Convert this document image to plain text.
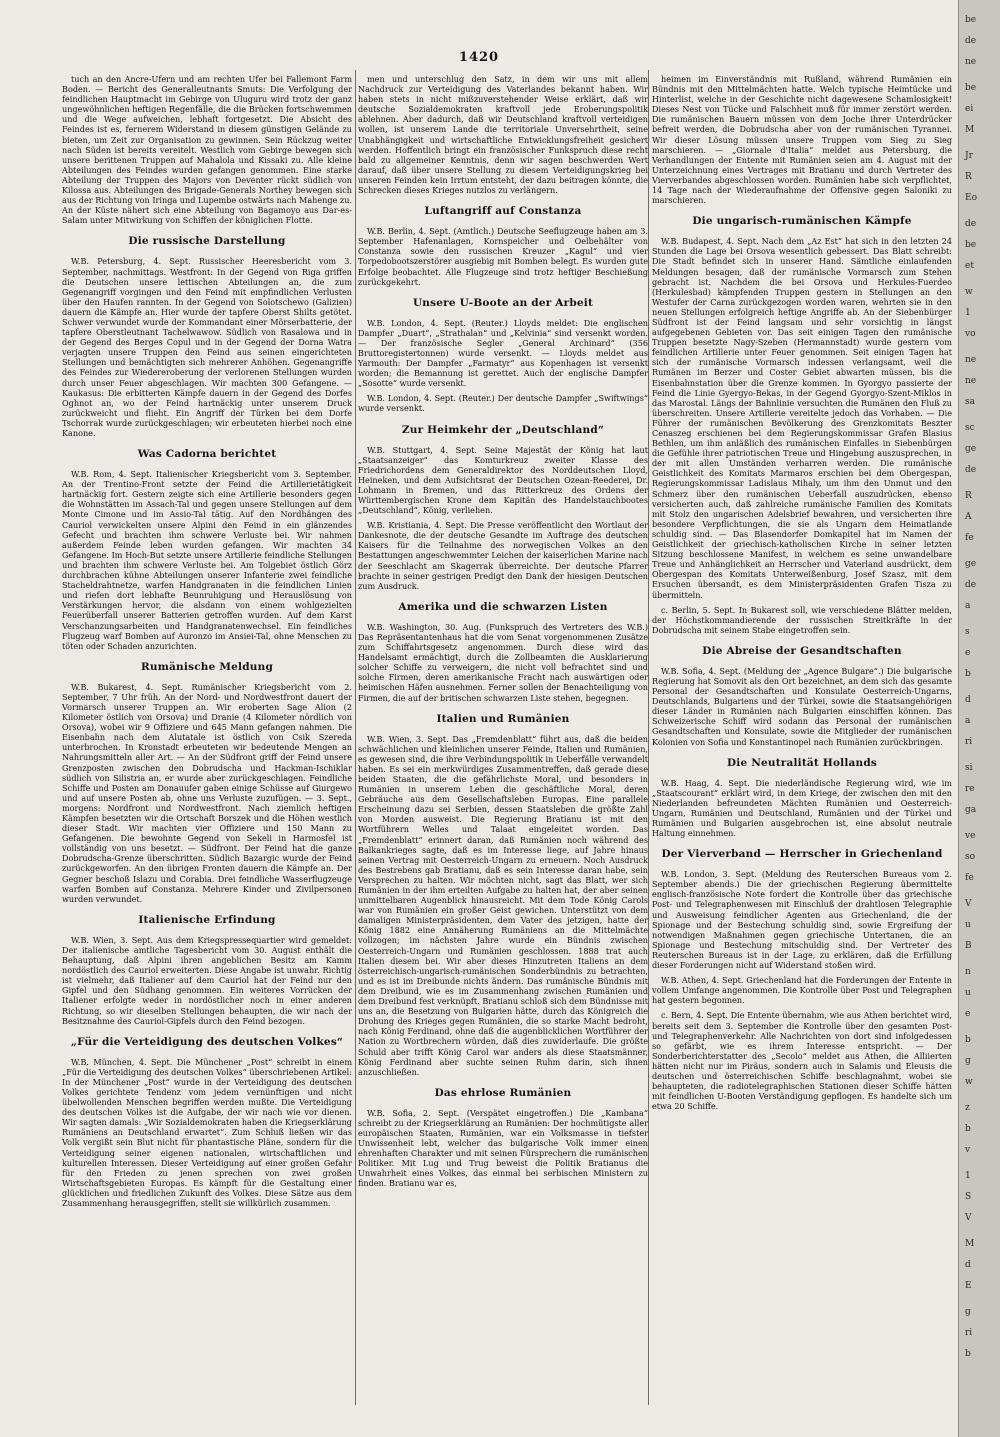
1420

tuch an den Ancre-Ufern und am rechten Ufer bei Fallemont Farm Boden. — Bericht des Generalleutnants Smuts: Die Verfolgung der feindlichen Hauptmacht im Gebirge von Uluguru wird trotz der ganz ungewöhnlichen heftigen Regenfälle, die die Brücken fortschwemmen und die Wege aufweichen, lebhaft fortgesetzt. Die Absicht des Feindes ist es, fernerem Widerstand in diesem günstigen Gelände zu bieten, um Zeit zur Organisation zu gewinnen. Sein Rückzug weiter nach Süden ist bereits vereitelt. Westlich vom Gebirge bewegen sich unsere berittenen Truppen auf Mahalola und Kissaki zu. Alle kleine Abteilungen des Feindes wurden gefangen genommen. Eine starke Abteilung der Truppen des Majors von Deventer rückt südlich von Kilossa aus. Abteilungen des Brigade-Generals Northey bewegen sich aus der Richtung von Iringa und Lupembe ostwärts nach Mahenge zu. An der Küste nähert sich eine Abteilung von Bagamoyo aus Dar-es-Salam unter Mitwirkung von Schiffen der königlichen Flotte.

Die russische Darstellung

W.B. Petersburg, 4. Sept. Russischer Heeresbericht vom 3. September, nachmittags. Westfront: In der Gegend von Riga griffen die Deutschen unsere lettischen Abteilungen an, die zum Gegenangriff vorgingen und den Feind mit empfindlichen Verlusten über den Haufen rannten. In der Gegend von Solotschewo (Galizien) dauern die Kämpfe an. Hier wurde der tapfere Oberst Shilts getötet. Schwer verwundet wurde der Kommandant einer Mörserbatterie, der tapfere Oberstleutnant Tachelwawow. Südlich von Rasalowa und in der Gegend des Berges Copul und in der Gegend der Dorna Watra verjagten unsere Truppen den Feind aus seinen eingerichteten Stellungen und bemächtigten sich mehrerer Anhöhen. Gegenangriffe des Feindes zur Wiedereroberung der verlorenen Stellungen wurden durch unser Feuer abgeschlagen. Wir machten 300 Gefangene. — Kaukasus: Die erbitterten Kämpfe dauern in der Gegend des Dorfes Oghnot an, wo der Feind hartnäckig unter unserem Druck zurückweicht und flieht. Ein Angriff der Türken bei dem Dorfe Tschorrak wurde zurückgeschlagen; wir erbeuteten hierbei noch eine Kanone.

Was Cadorna berichtet

W.B. Rom, 4. Sept. Italienischer Kriegsbericht vom 3. September. An der Trentino-Front setzte der Feind die Artillerietätigkeit hartnäckig fort. Gestern zeigte sich eine Artillerie besonders gegen die Wohnstätten im Assach-Tal und gegen unsere Stellungen auf dem Monte Cimone und im Assio-Tal tätig. Auf den Nordhängen des Cauriol verwickelten unsere Alpini den Feind in ein glänzendes Gefecht und brachten ihm schwere Verluste bei. Wir nahmen außerdem Feinde leben wurden gefangen. Wir machten 34 Gefangene. Im Hoch-But setzte unsere Artillerie feindliche Stellungen und brachten ihm schwere Verluste bei. Am Tolgebiet östlich Görz durchbrachen kühne Abteilungen unserer Infanterie zwei feindliche Stacheldrahtnetze, warfen Handgranaten in die feindlichen Linien und riefen dort lebhafte Beunruhigung und Herauslösung von Verstärkungen hervor, die alsdann von einem wohlgezielten Feuerüberfall unserer Batterien getroffen wurden. Auf dem Karst Verschanzungsarbeiten und Handgranatenwechsel. Ein feindliches Flugzeug warf Bomben auf Auronzo im Ansiei-Tal, ohne Menschen zu töten oder Schaden anzurichten.

Rumänische Meldung

W.B. Bukarest, 4. Sept. Rumänischer Kriegsbericht vom 2. September, 7 Uhr früh. An der Nord- und Nordwestfront dauert der Vormarsch unserer Truppen an. Wir eroberten Sage Alion (2 Kilometer östlich von Orsova) und Dranie (4 Kilometer nördlich von Orsova), wobei wir 9 Offiziere und 645 Mann gefangen nahmen. Die Eisenbahn nach dem Alutatale ist östlich von Csik Szereda unterbrochen. In Kronstadt erbeuteten wir bedeutende Mengen an Nahrungsmitteln aller Art. — An der Südfront griff der Feind unsere Grenzposten zwischen den Dobrudscha und Hackman-Ischiklar südlich von Silistria an, er wurde aber zurückgeschlagen. Feindliche Schiffe und Posten am Donauufer gaben einige Schüsse auf Giurgewo und auf unsere Posten ab, ohne uns Verluste zuzufügen. — 3. Sept., morgens: Nordfront und Nordwestfront. Nach ziemlich heftigen Kämpfen besetzten wir die Ortschaft Borszek und die Höhen westlich dieser Stadt. Wir machten vier Offiziere und 150 Mann zu Gefangenen. Die bewohnte Gegend von Sekeli in Harmosfel ist vollständig von uns besetzt. — Südfront. Der Feind hat die ganze Dobrudscha-Grenze überschritten. Südlich Bazargic wurde der Feind zurückgeworfen. An den übrigen Fronten dauern die Kämpfe an. Der Gegner beschoß Islazu und Corabia. Drei feindliche Wasserflugzeuge warfen Bomben auf Constanza. Mehrere Kinder und Zivilpersonen wurden verwundet.

Italienische Erfindung

W.B. Wien, 3. Sept. Aus dem Kriegspressequartier wird gemeldet: Der italienische amtliche Tagesbericht vom 30. August enthält die Behauptung, daß Alpini ihren angeblichen Besitz am Kamm nordöstlich des Cauriol erweiterten. Diese Angabe ist unwahr. Richtig ist vielmehr, daß Italiener auf dem Cauriol hat der Feind nur den Gipfel und den Südhang genommen. Ein weiteres Vorrücken der Italiener erfolgte weder in nordöstlicher noch in einer anderen Richtung, so wir dieselben Stellungen behaupten, die wir nach der Besitznahme des Cauriol-Gipfels durch den Feind bezogen.

„Für die Verteidigung des deutschen Volkes“

W.B. München, 4. Sept. Die Münchener „Post“ schreibt in einem „Für die Verteidigung des deutschen Volkes“ überschriebenen Artikel: In der Münchener „Post“ wurde in der Verteidigung des deutschen Volkes gerichtete Tendenz vom jedem vernünftigen und nicht übelwollenden Menschen begriffen werden mußte. Die Verteidigung des deutschen Volkes ist die Aufgabe, der wir nach wie vor dienen. Wir sagten damals: „Wir Sozialdemokraten haben die Kriegserklärung Rumäniens an Deutschland erwartet“. Zum Schluß ließen wir das Volk vergißt sein Blut nicht für phantastische Pläne, sondern für die Verteidigung seiner eigenen nationalen, wirtschaftlichen und kulturellen Interessen. Dieser Verteidigung auf einer großen Gefahr für den Frieden zu jenen sprechen von zwei großen Wirtschaftsgebieten Europas. Es kämpft für die Gestaltung einer glücklichen und friedlichen Zukunft des Volkes. Diese Sätze aus dem Zusammenhang herausgegriffen, stellt sie willkürlich zusammen.

men und unterschlug den Satz, in dem wir uns mit allem Nachdruck zur Verteidigung des Vaterlandes bekannt haben. Wir haben stets in nicht mißzuverstehender Weise erklärt, daß wir deutsche Sozialdemokraten kraftvoll jede Eroberungspolitik ablehnen. Aber dadurch, daß wir Deutschland kraftvoll verteidigen wollen, ist unserem Lande die territoriale Unversehrtheit, seine Unabhängigkeit und wirtschaftliche Entwicklungsfreiheit gesichert werden. Hoffentlich bringt ein französischer Funkspruch diese recht bald zu allgemeiner Kenntnis, denn wir sagen beschwerden Wert darauf, daß über unsere Stellung zu diesem Verteidigungskrieg bei unseren Feinden kein Irrtum entsteht, der dazu beitragen könnte, die Schrecken dieses Krieges nutzlos zu verlängern.

Luftangriff auf Constanza

W.B. Berlin, 4. Sept. (Amtlich.) Deutsche Seeflugzeuge haben am 3. September Hafenanlagen, Kornspeicher und Oelbehälter von Constanza sowie den russischen Kreuzer „Kagul“ und vier Torpedobootszerstörer ausgiebig mit Bomben belegt. Es wurden gute Erfolge beobachtet. Alle Flugzeuge sind trotz heftiger Beschießung zurückgekehrt.

Unsere U-Boote an der Arbeit

W.B. London, 4. Sept. (Reuter.) Lloyds meldet: Die englischen Dampfer „Duart“, „Strathalan“ und „Kelvinia“ sind versenkt worden. — Der französische Segler „General Archinard“ (356 Bruttoregistertonnen) wurde versenkt. — Lloyds meldet aus Yarmouth: Der Dampfer „Farmatyr“ aus Kopenhagen ist versenkt worden; die Bemannung ist gerettet. Auch der englische Dampfer „Sosotte“ wurde versenkt.

W.B. London, 4. Sept. (Reuter.) Der deutsche Dampfer „Swiftwings“ wurde versenkt.

Zur Heimkehr der „Deutschland“

W.B. Stuttgart, 4. Sept. Seine Majestät der König hat laut „Staatsanzeiger“ das Komturkreuz zweiter Klasse des Friedrichordens dem Generaldirektor des Norddeutschen Lloyd, Heineken, und dem Aufsichtsrat der Deutschen Ozean-Reederei, Dr. Lohmann in Bremen, und das Ritterkreuz des Ordens der Württembergischen Krone dem Kapitän des Handelstauchbootes „Deutschland“, König, verliehen.

W.B. Kristiania, 4. Sept. Die Presse veröffentlicht den Wortlaut der Dankesnote, die der deutsche Gesandte im Auftrage des deutschen Kaisers für die Teilnahme des norwegischen Volkes an den Bestattungen angeschwemmter Leichen der kaiserlichen Marine nach der Seeschlacht am Skagerrak überreichte. Der deutsche Pfarrer brachte in seiner gestrigen Predigt den Dank der hiesigen Deutschen zum Ausdruck.

Amerika und die schwarzen Listen

W.B. Washington, 30. Aug. (Funkspruch des Vertreters des W.B.) Das Repräsentantenhaus hat die vom Senat vorgenommenen Zusätze zum Schiffahrtsgesetz angenommen. Durch diese wird das Handelsamt ermächtigt, durch die Zollbeamten die Ausklarierung solcher Schiffe zu verweigern, die nicht voll befrachtet sind und solche Firmen, deren amerikanische Fracht nach auswärtigen oder heimischen Häfen ausnehmen. Ferner sollen der Benachteiligung von Firmen, die auf der britischen schwarzen Liste stehen, begegnen.

Italien und Rumänien

W.B. Wien, 3. Sept. Das „Fremdenblatt“ führt aus, daß die beiden schwächlichen und kleinlichen unserer Feinde, Italien und Rumänien, es gewesen sind, die ihre Verbindungspolitik in Ueberfälle verwandelt haben. Es sei ein merkwürdiges Zusammentreffen, daß gerade diese beiden Staaten, die die gefährlichste Moral, und besonders in Rumänien in unserem Leben die geschäftliche Moral, deren Gebräuche aus dem Gesellschaftsleben Europas. Eine parallele Erscheinung dazu sei Serbien, dessen Staatsleben die größte Zahl von Morden ausweist. Die Regierung Bratianu ist mit den Wortführern Welles und Talaat eingeleitet worden. Das „Fremdenblatt“ erinnert daran, daß Rumänien noch während des Balkankrieges sagte, daß es im Interesse liege, auf Jahre hinaus seinen Vertrag mit Oesterreich-Ungarn zu erneuern. Noch Ausdruck des Bestrebens gab Bratianu, daß es sein Interesse daran habe, sein Versprechen zu halten. Wir möchten nicht, sagt das Blatt, wer sich Rumänien in der ihm erteilten Aufgabe zu halten hat, der aber seinen unmittelbaren Augenblick hinausreicht. Mit dem Tode König Carols war von Rumänien ein großer Geist gewichen. Unterstützt von dem damaligen Ministerpräsidenten, dem Vater des jetzigen, hatte der König 1882 eine Annäherung Rumäniens an die Mittelmächte vollzogen; im nächsten Jahre wurde ein Bündnis zwischen Oesterreich-Ungarn und Rumänien geschlossen. 1888 trat auch Italien diesem bei. Wir aber dieses Hinzutreten Italiens an dem österreichisch-ungarisch-rumänischen Sonderbündnis zu betrachten, und es ist im Dreibunde nichts ändern. Das rumänische Bündnis mit dem Dreibund, wie es im Zusammenhang zwischen Rumänien und dem Dreibund fest verknüpft. Bratianu schloß sich dem Bündnisse mit uns an, die Besetzung von Bulgarien hätte, durch das Königreich die Drohung des Krieges gegen Rumänien, die so starke Macht bedroht, nach König Ferdinand, ohne daß die augenblicklichen Wortführer der Nation zu Wortbrechern würden, daß dies zuwiderlaufe. Die größte Schuld aber trifft König Carol war anders als diese Staatsmänner, König Ferdinand aber suchte seinen Ruhm darin, sich ihnen anzuschließen.

Das ehrlose Rumänien

W.B. Sofia, 2. Sept. (Verspätet eingetroffen.) Die „Kambana“ schreibt zu der Kriegserklärung an Rumänien: Der hochmütigste aller europäischen Staaten, Rumänien, war ein Volksmasse in tiefster Unwissenheit lebt, welcher das bulgarische Volk immer einen ehrenhaften Charakter und mit seinen Fürsprechern die rumänischen Politiker. Mit Lug und Trug beweist die Politik Bratianus die Unwahrheit eines Volkes, das einmal bei serbischen Ministern zu finden. Bratianu war es,

heimen im Einverständnis mit Rußland, während Rumänien ein Bündnis mit den Mittelmächten hatte. Welch typische Heimtücke und Hinterlist, welche in der Geschichte nicht dagewesene Schamlosigkeit! Dieses Nest von Tücke und Falschheit muß für immer zerstört werden. Die rumänischen Bauern müssen von dem Joche ihrer Unterdrücker befreit werden, die Dobrudscha aber von der rumänischen Tyrannei. Wir dieser Lösung müssen unsere Truppen vom Sieg zu Sieg marschieren. — „Giornale d'Italia“ meldet aus Petersburg, die Verhandlungen der Entente mit Rumänien seien am 4. August mit der Unterzeichnung eines Vertrages mit Bratianu und durch Vertreter des Vierverbandes abgeschlossen worden. Rumänien habe sich verpflichtet, 14 Tage nach der Wiederaufnahme der Offensive gegen Saloniki zu marschieren.

Die ungarisch-rumänischen Kämpfe

W.B. Budapest, 4. Sept. Nach dem „Az Est“ hat sich in den letzten 24 Stunden die Lage bei Orsova wesentlich gebessert. Das Blatt schreibt: Die Stadt befindet sich in unserer Hand. Sämtliche einlaufenden Meldungen besagen, daß der rumänische Vormarsch zum Stehen gebracht ist. Nachdem die bei Orsova und Herkules-Fuerdeo (Herkulesbad) kämpfenden Truppen gestern in Stellungen an den Westufer der Carna zurückgezogen worden waren, wehrten sie in den neuen Stellungen erfolgreich heftige Angriffe ab. An der Siebenbürger Südfront ist der Feind langsam und sehr vorsichtig in längst aufgegebenen Gebieten vor. Das seit einigen Tagen den rumänische Truppen besetzte Nagy-Szeben (Hermannstadt) wurde gestern vom feindlichen Artillerie unter Feuer genommen. Seit einigen Tagen hat sich der rumänische Vormarsch indessen verlangsamt, weil die Rumänen im Berzer und Coster Gebiet abwarten müssen, bis die Eisenbahnstation über die Grenze kommen. In Gyorgyo passierte der Feind die Linie Gyergyo-Bekas, in der Gegend Gyorgyo-Szent-Miklos in das Marostal. Längs der Bahnlinie versuchten die Rumänen den Fluß zu überschreiten. Unsere Artillerie vereitelte jedoch das Vorhaben. — Die Führer der rumänischen Bevölkerung des Grenzkomitats Beszter Cenaszeg erschienen bei dem Regierungskommissar Grafen Blasius Bethlen, um ihm anläßlich des rumänischen Einfalles in Siebenbürgen die Gefühle ihrer patriotischen Treue und Hingebung auszusprechen, in der mit allen Umständen verharren werden. Die rumänische Geistlichkeit des Komitats Marmaros erschien bei dem Obergespan, Regierungskommissar Ladislaus Mihaly, um ihm den Unmut und den Schmerz über den rumänischen Ueberfall auszudrücken, ebenso versicherten auch, daß zahlreiche rumänische Familien des Komitats mit Stolz den ungarischen Adelsbrief bewahren, und versicherten ihre besondere Verpflichtungen, die sie als Ungarn dem Heimatlande schuldig sind. — Das Blasendorfer Domkapitel hat im Namen der Geistlichkeit der griechisch-katholischen Kirche in seiner letzten Sitzung beschlossene Manifest, in welchem es seine unwandelbare Treue und Anhänglichkeit an Herrscher und Vaterland ausdrückt, dem Obergespan des Komitats Unterweißenburg, Josef Szasz, mit dem Ersuchen übersandt, es dem Ministerpräsidenten Grafen Tisza zu übermitteln.

c. Berlin, 5. Sept. In Bukarest soll, wie verschiedene Blätter melden, der Höchstkommandierende der russischen Streitkräfte in der Dobrudscha mit seinem Stabe eingetroffen sein.

Die Abreise der Gesandtschaften

W.B. Sofia, 4. Sept. (Meldung der „Agence Bulgare“.) Die bulgarische Regierung hat Somovit als den Ort bezeichnet, an dem sich das gesamte Personal der Gesandtschaften und Konsulate Oesterreich-Ungarns, Deutschlands, Bulgariens und der Türkei, sowie die Staatsangehörigen dieser Länder in Rumänien nach Bulgarien einschiffen können. Das Schweizerische Schiff wird sodann das Personal der rumänischen Gesandtschaften und Konsulate, sowie die Mitglieder der rumänischen Kolonien von Sofia und Konstantinopel nach Rumänien zurückbringen.

Die Neutralität Hollands

W.B. Haag, 4. Sept. Die niederländische Regierung wird, wie im „Staatscourant“ erklärt wird, in dem Kriege, der zwischen den mit den Niederlanden befreundeten Mächten Rumänien und Oesterreich-Ungarn, Rumänien und Deutschland, Rumänien und der Türkei und Rumänien und Bulgarien ausgebrochen ist, eine absolut neutrale Haltung einnehmen.

Der Vierverband — Herrscher in Griechenland

W.B. London, 3. Sept. (Meldung des Reuterschen Bureaus vom 2. September abends.) Die der griechischen Regierung übermittelte englisch-französische Note fordert die Kontrolle über das griechische Post- und Telegraphenwesen mit Einschluß der drahtlosen Telegraphie und Ausweisung feindlicher Agenten aus Griechenland, die der Spionage und der Bestechung schuldig sind, sowie Ergreifung der notwendigen Maßnahmen gegen griechische Untertanen, die an Spionage und Bestechung mitschuldig sind. Der Vertreter des Reuterschen Bureaus ist in der Lage, zu erklären, daß die Erfüllung dieser Forderungen nicht auf Widerstand stoßen wird.

W.B. Athen, 4. Sept. Griechenland hat die Forderungen der Entente in vollem Umfange angenommen. Die Kontrolle über Post und Telegraphen hat gestern begonnen.

c. Bern, 4. Sept. Die Entente übernahm, wie aus Athen berichtet wird, bereits seit dem 3. September die Kontrolle über den gesamten Post- und Telegraphenverkehr. Alle Nachrichten von dort sind infolgedessen so gefärbt, wie es ihrem Interesse entspricht. — Der Sonderberichterstatter des „Secolo“ meldet aus Athen, die Alliierten hätten nicht nur im Piräus, sondern auch in Salamis und Eleusis die deutschen und österreichischen Schiffe beschlagnahmt, wobei sie behaupteten, die radiotelegraphischen Stationen dieser Schiffe hätten mit feindlichen U-Booten Verständigung gepflogen. Es handelte sich um etwa 20 Schiffe.

be
de
ne
be
ei
M
Jr
R
Eo
de
be
et
w
1
vo
ne
ne
sa
sc
ge
de
R
A
fe
ge
de
a
s
e
b
d
a
ri
si
re
ga
ve
so
fe
V
u
B
n
u
e
b
g
w
z
b
v
1
S
V
M
d
E
g
ri
b
